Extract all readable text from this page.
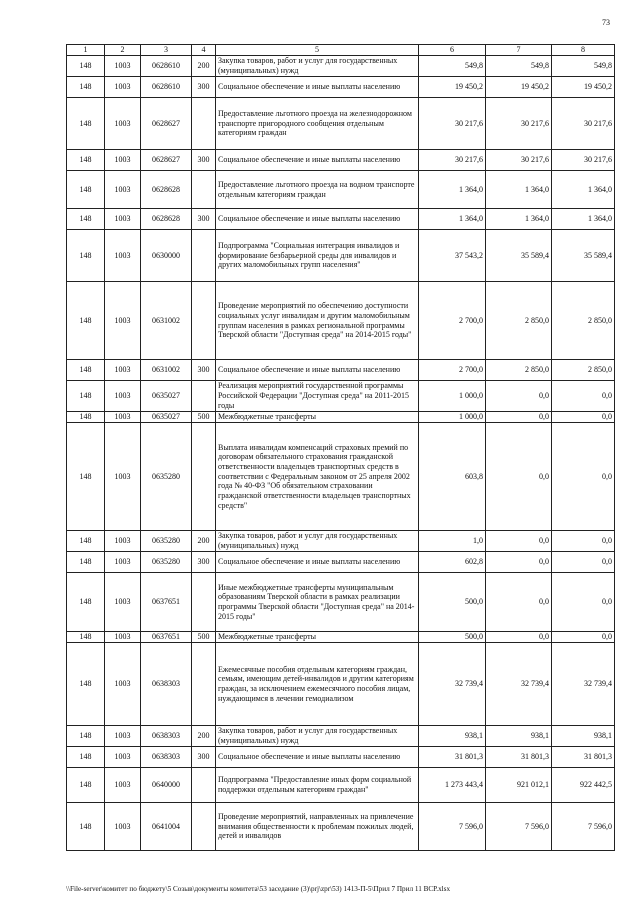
73
1	2	3	4	5	6	7	8
148	1003	0628610	200	Закупка товаров, работ и услуг для государственных (муниципальных) нужд	549,8	549,8	549,8
148	1003	0628610	300	Социальное обеспечение и иные выплаты населению	19 450,2	19 450,2	19 450,2
148	1003	0628627		Предоставление льготного проезда на железнодорожном транспорте пригородного сообщения отдельным категориям граждан	30 217,6	30 217,6	30 217,6
148	1003	0628627	300	Социальное обеспечение и иные выплаты населению	30 217,6	30 217,6	30 217,6
148	1003	0628628		Предоставление льготного проезда на водном транспорте отдельным категориям граждан	1 364,0	1 364,0	1 364,0
148	1003	0628628	300	Социальное обеспечение и иные выплаты населению	1 364,0	1 364,0	1 364,0
148	1003	0630000		Подпрограмма "Социальная интеграция инвалидов и формирование безбарьерной среды для инвалидов и других маломобильных групп населения"	37 543,2	35 589,4	35 589,4
148	1003	0631002		Проведение мероприятий по обеспечению доступности социальных услуг инвалидам и другим маломобильным группам населения в рамках региональной программы Тверской области "Доступная среда" на 2014-2015 годы"	2 700,0	2 850,0	2 850,0
148	1003	0631002	300	Социальное обеспечение и иные выплаты населению	2 700,0	2 850,0	2 850,0
148	1003	0635027		Реализация мероприятий государственной программы Российской Федерации "Доступная среда" на 2011-2015 годы	1 000,0	0,0	0,0
148	1003	0635027	500	Межбюджетные трансферты	1 000,0	0,0	0,0
148	1003	0635280		Выплата инвалидам компенсаций страховых премий по договорам обязательного страхования гражданской ответственности владельцев транспортных средств в соответствии с Федеральным законом от 25 апреля 2002 года № 40-ФЗ "Об обязательном страховании гражданской ответственности владельцев транспортных средств"	603,8	0,0	0,0
148	1003	0635280	200	Закупка товаров, работ и услуг для государственных (муниципальных) нужд	1,0	0,0	0,0
148	1003	0635280	300	Социальное обеспечение и иные выплаты населению	602,8	0,0	0,0
148	1003	0637651		Иные межбюджетные трансферты муниципальным образованиям Тверской области в рамках реализации программы Тверской области "Доступная среда" на 2014-2015 годы"	500,0	0,0	0,0
148	1003	0637651	500	Межбюджетные трансферты	500,0	0,0	0,0
148	1003	0638303		Ежемесячные пособия отдельным категориям граждан, семьям, имеющим детей-инвалидов и другим категориям граждан, за исключением ежемесячного пособия лицам, нуждающимся в лечении гемодиализом	32 739,4	32 739,4	32 739,4
148	1003	0638303	200	Закупка товаров, работ и услуг для государственных (муниципальных) нужд	938,1	938,1	938,1
148	1003	0638303	300	Социальное обеспечение и иные выплаты населению	31 801,3	31 801,3	31 801,3
148	1003	0640000		Подпрограмма "Предоставление иных форм социальной поддержки отдельным категориям граждан"	1 273 443,4	921 012,1	922 442,5
148	1003	0641004		Проведение мероприятий, направленных на привлечение внимания общественности к проблемам пожилых людей, детей и инвалидов	7 596,0	7 596,0	7 596,0
\\File-server\комитет по бюджету\5 Созыв\документы комитета\53 заседание (3)\prj\zpr\53) 1413-П-5\Прил 7 Прил 11 ВСР.xlsx
